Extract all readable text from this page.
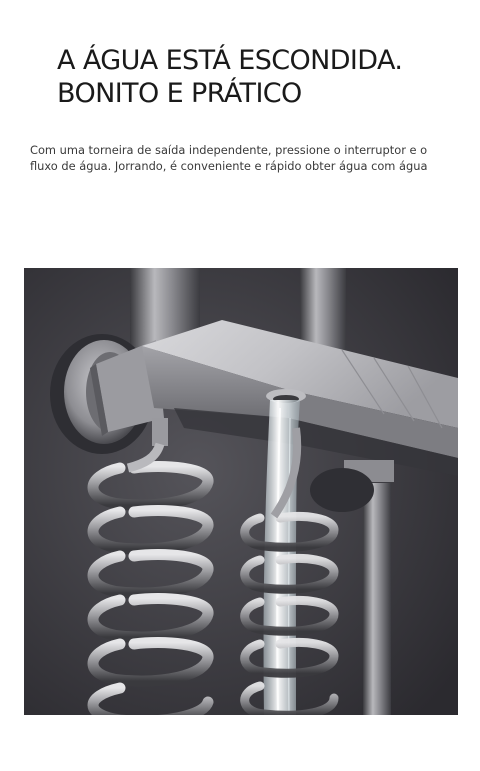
A ÁGUA ESTÁ ESCONDIDA.
BONITO E PRÁTICO

Com uma torneira de saída independente, pressione o interruptor e o fluxo de água. Jorrando, é conveniente e rápido obter água com água
